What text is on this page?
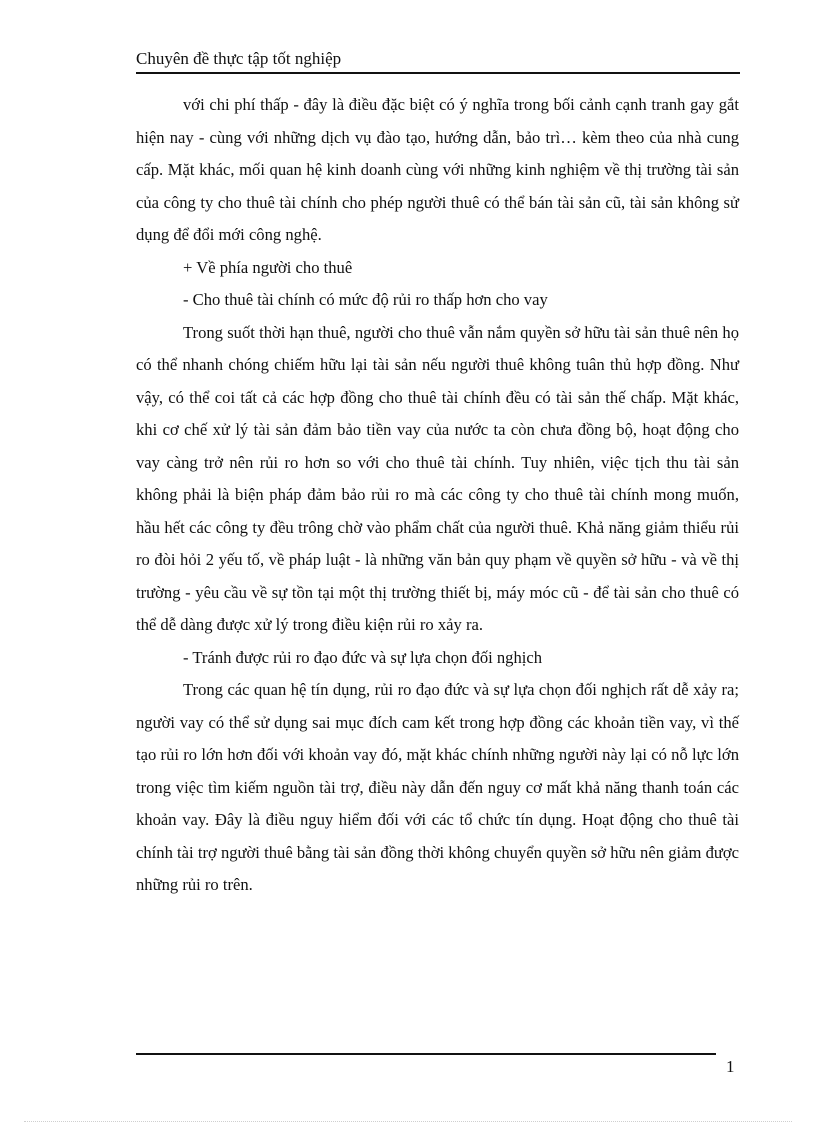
Chuyên đề thực tập tốt nghiệp

với chi phí thấp - đây là điều đặc biệt có ý nghĩa trong bối cảnh cạnh tranh gay gắt hiện nay - cùng với những dịch vụ đào tạo, hướng dẫn, bảo trì… kèm theo của nhà cung cấp. Mặt khác, mối quan hệ kinh doanh cùng với những kinh nghiệm về thị trường tài sản của công ty cho thuê tài chính cho phép người thuê có thể bán tài sản cũ, tài sản không sử dụng để đổi mới công nghệ.

+ Về phía người cho thuê

- Cho thuê tài chính có mức độ rủi ro thấp hơn cho vay

Trong suốt thời hạn thuê, người cho thuê vẫn nắm quyền sở hữu tài sản thuê nên họ có thể nhanh chóng chiếm hữu lại tài sản nếu người thuê không tuân thủ hợp đồng. Như vậy, có thể coi tất cả các hợp đồng cho thuê tài chính đều có tài sản thế chấp. Mặt khác, khi cơ chế xử lý tài sản đảm bảo tiền vay của nước ta còn chưa đồng bộ, hoạt động cho vay càng trở nên rủi ro hơn so với cho thuê tài chính. Tuy nhiên, việc tịch thu tài sản không phải là biện pháp đảm bảo rủi ro mà các công ty cho thuê tài chính mong muốn, hầu hết các công ty đều trông chờ vào phẩm chất của người thuê. Khả năng giảm thiểu rủi ro đòi hỏi 2 yếu tố, về pháp luật - là những văn bản quy phạm về quyền sở hữu - và về thị trường - yêu cầu về sự tồn tại một thị trường thiết bị, máy móc cũ - để tài sản cho thuê có thể dễ dàng được xử lý trong điều kiện rủi ro xảy ra.

- Tránh được rủi ro đạo đức và sự lựa chọn đối nghịch

Trong các quan hệ tín dụng, rủi ro đạo đức và sự lựa chọn đối nghịch rất dễ xảy ra; người vay có thể sử dụng sai mục đích cam kết trong hợp đồng các khoản tiền vay, vì thế tạo rủi ro lớn hơn đối với khoản vay đó, mặt khác chính những người này lại có nỗ lực lớn trong việc tìm kiếm nguồn tài trợ, điều này dẫn đến nguy cơ mất khả năng thanh toán các khoản vay. Đây là điều nguy hiểm đối với các tổ chức tín dụng. Hoạt động cho thuê tài chính tài trợ người thuê bằng tài sản đồng thời không chuyển quyền sở hữu nên giảm được những rủi ro trên.

1
